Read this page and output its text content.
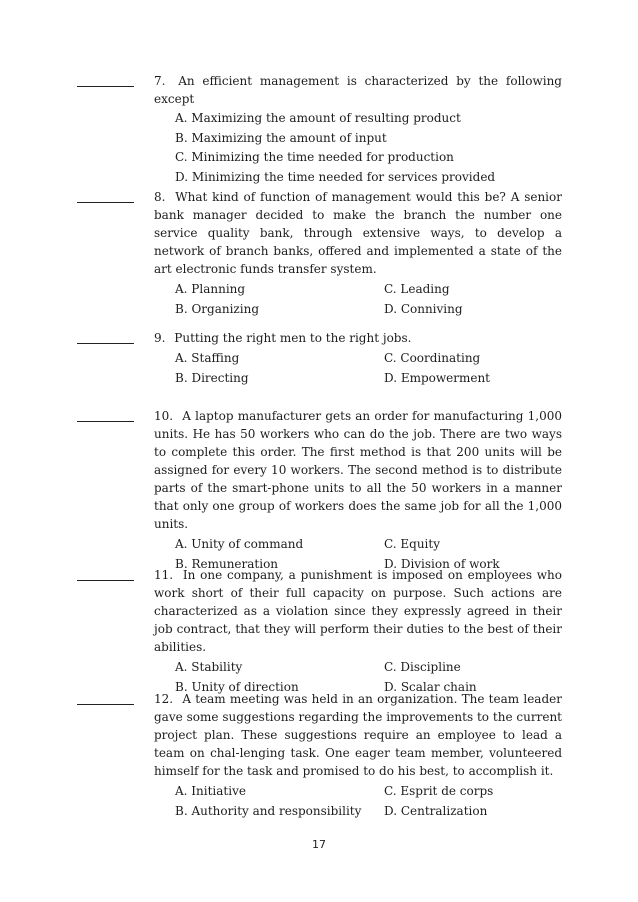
7. An efficient management is characterized by the following except
A. Maximizing the amount of resulting product
B. Maximizing the amount of input
C. Minimizing the time needed for production
D. Minimizing the time needed for services provided
8. What kind of function of management would this be? A senior bank manager decided to make the branch the number one service quality bank, through extensive ways, to develop a network of branch banks, offered and implemented a state of the art electronic funds transfer system.
A. Planning	C. Leading
B. Organizing	D. Conniving
9. Putting the right men to the right jobs.
A. Staffing	C. Coordinating
B. Directing	D. Empowerment
10. A laptop manufacturer gets an order for manufacturing 1,000 units. He has 50 workers who can do the job. There are two ways to complete this order. The first method is that 200 units will be assigned for every 10 workers. The second method is to distribute parts of the smart-phone units to all the 50 workers in a manner that only one group of workers does the same job for all the 1,000 units.
A. Unity of command	C. Equity
B. Remuneration	D. Division of work
11. In one company, a punishment is imposed on employees who work short of their full capacity on purpose. Such actions are characterized as a violation since they expressly agreed in their job contract, that they will perform their duties to the best of their abilities.
A. Stability	C. Discipline
B. Unity of direction	D. Scalar chain
12. A team meeting was held in an organization. The team leader gave some suggestions regarding the improvements to the current project plan. These suggestions require an employee to lead a team on chal-lenging task. One eager team member, volunteered himself for the task and promised to do his best, to accomplish it.
A. Initiative	C. Esprit de corps
B. Authority and responsibility	D. Centralization
17
